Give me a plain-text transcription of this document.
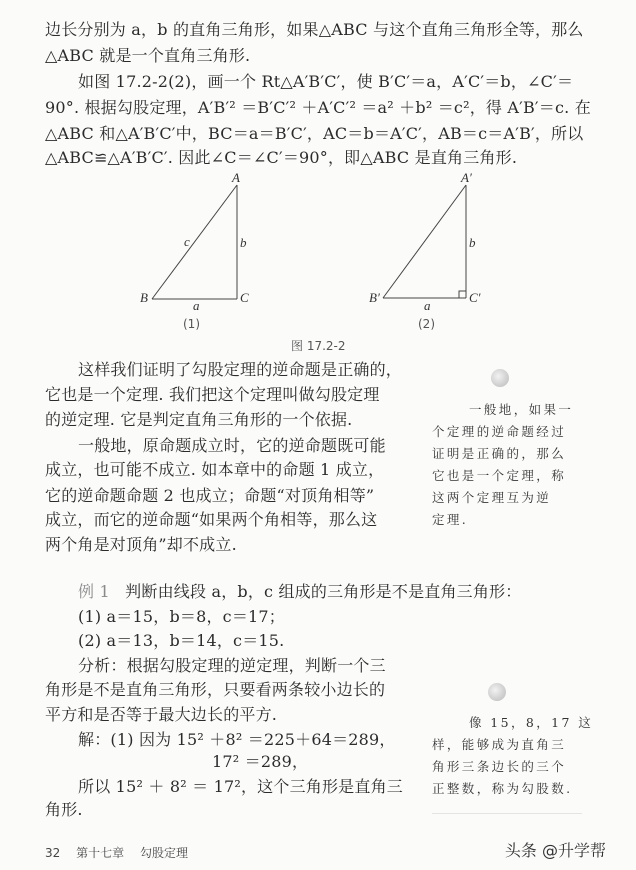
边长分别为 a，b 的直角三角形，如果△ABC 与这个直角三角形全等，那么
△ABC 就是一个直角三角形.
如图 17.2-2(2)，画一个 Rt△A′B′C′，使 B′C′＝a，A′C′＝b，∠C′＝
90°. 根据勾股定理，A′B′² ＝B′C′² ＋A′C′² ＝a² ＋b² ＝c²，得 A′B′＝c. 在
△ABC 和△A′B′C′中，BC＝a＝B′C′，AC＝b＝A′C′，AB＝c＝A′B′，所以
△ABC≌△A′B′C′. 因此∠C＝∠C′＝90°，即△ABC 是直角三角形.
A
B	C
c	b
a
(1)
A′
B′	C′
b
a
(2)
图 17.2-2
这样我们证明了勾股定理的逆命题是正确的，
它也是一个定理. 我们把这个定理叫做勾股定理
的逆定理. 它是判定直角三角形的一个依据.
一般地，原命题成立时，它的逆命题既可能
成立，也可能不成立. 如本章中的命题 1 成立，
它的逆命题命题 2 也成立；命题“对顶角相等”
成立，而它的逆命题“如果两个角相等，那么这
两个角是对顶角”却不成立.
一般地，如果一
个定理的逆命题经过
证明是正确的，那么
它也是一个定理，称
这两个定理互为逆
定理.
例 1 判断由线段 a，b，c 组成的三角形是不是直角三角形：
(1) a＝15，b＝8，c＝17；
(2) a＝13，b＝14，c＝15.
分析：根据勾股定理的逆定理，判断一个三
角形是不是直角三角形，只要看两条较小边长的
平方和是否等于最大边长的平方.
解：(1) 因为 15² ＋8² ＝225＋64＝289，
17² ＝289，
所以 15² ＋ 8² ＝ 17²，这个三角形是直角三
角形.
像 15，8，17 这
样，能够成为直角三
角形三条边长的三个
正整数，称为勾股数.
32 第十七章 勾股定理	头条 @升学帮
